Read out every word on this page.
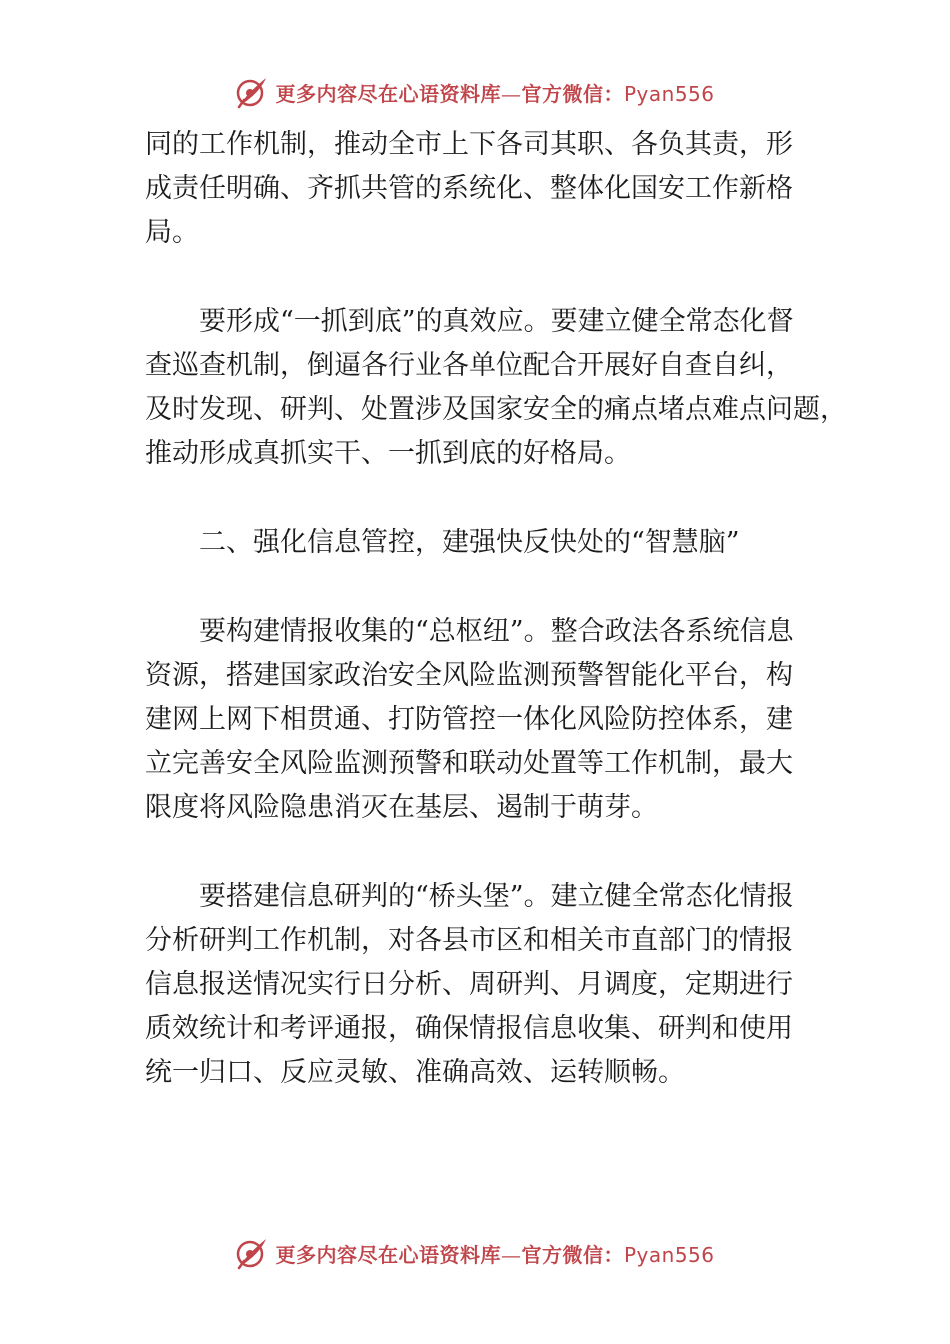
更多内容尽在心语资料库—官方微信：Pyan556

同的工作机制，推动全市上下各司其职、各负其责，形
成责任明确、齐抓共管的系统化、整体化国安工作新格
局。

要形成“一抓到底”的真效应。要建立健全常态化督
查巡查机制，倒逼各行业各单位配合开展好自查自纠，
及时发现、研判、处置涉及国家安全的痛点堵点难点问题，
推动形成真抓实干、一抓到底的好格局。

二、强化信息管控，建强快反快处的“智慧脑”

要构建情报收集的“总枢纽”。整合政法各系统信息
资源，搭建国家政治安全风险监测预警智能化平台，构
建网上网下相贯通、打防管控一体化风险防控体系，建
立完善安全风险监测预警和联动处置等工作机制，最大
限度将风险隐患消灭在基层、遏制于萌芽。

要搭建信息研判的“桥头堡”。建立健全常态化情报
分析研判工作机制，对各县市区和相关市直部门的情报
信息报送情况实行日分析、周研判、月调度，定期进行
质效统计和考评通报，确保情报信息收集、研判和使用
统一归口、反应灵敏、准确高效、运转顺畅。

更多内容尽在心语资料库—官方微信：Pyan556
